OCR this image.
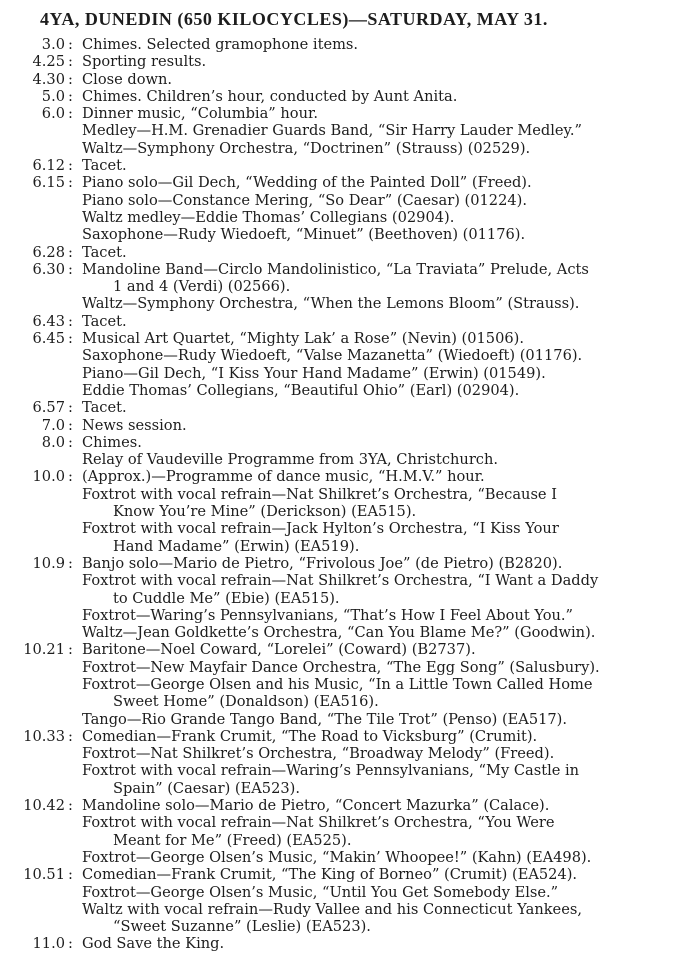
4YA, DUNEDIN (650 KILOCYCLES)—SATURDAY, MAY 31.
3.0 : Chimes. Selected gramophone items.
4.25 : Sporting results.
4.30 : Close down.
5.0 : Chimes. Children’s hour, conducted by Aunt Anita.
6.0 : Dinner music, “Columbia” hour.
Medley—H.M. Grenadier Guards Band, “Sir Harry Lauder Medley.”
Waltz—Symphony Orchestra, “Doctrinen” (Strauss) (02529).
6.12 : Tacet.
6.15 : Piano solo—Gil Dech, “Wedding of the Painted Doll” (Freed).
Piano solo—Constance Mering, “So Dear” (Caesar) (01224).
Waltz medley—Eddie Thomas’ Collegians (02904).
Saxophone—Rudy Wiedoeft, “Minuet” (Beethoven) (01176).
6.28 : Tacet.
6.30 : Mandoline Band—Circlo Mandolinistico, “La Traviata” Prelude, Acts
1 and 4 (Verdi) (02566).
Waltz—Symphony Orchestra, “When the Lemons Bloom” (Strauss).
6.43 : Tacet.
6.45 : Musical Art Quartet, “Mighty Lak’ a Rose” (Nevin) (01506).
Saxophone—Rudy Wiedoeft, “Valse Mazanetta” (Wiedoeft) (01176).
Piano—Gil Dech, “I Kiss Your Hand Madame” (Erwin) (01549).
Eddie Thomas’ Collegians, “Beautiful Ohio” (Earl) (02904).
6.57 : Tacet.
7.0 : News session.
8.0 : Chimes.
Relay of Vaudeville Programme from 3YA, Christchurch.
10.0 : (Approx.)—Programme of dance music, “H.M.V.” hour.
Foxtrot with vocal refrain—Nat Shilkret’s Orchestra, “Because I
Know You’re Mine” (Derickson) (EA515).
Foxtrot with vocal refrain—Jack Hylton’s Orchestra, “I Kiss Your
Hand Madame” (Erwin) (EA519).
10.9 : Banjo solo—Mario de Pietro, “Frivolous Joe” (de Pietro) (B2820).
Foxtrot with vocal refrain—Nat Shilkret’s Orchestra, “I Want a Daddy
to Cuddle Me” (Ebie) (EA515).
Foxtrot—Waring’s Pennsylvanians, “That’s How I Feel About You.”
Waltz—Jean Goldkette’s Orchestra, “Can You Blame Me?” (Goodwin).
10.21 : Baritone—Noel Coward, “Lorelei” (Coward) (B2737).
Foxtrot—New Mayfair Dance Orchestra, “The Egg Song” (Salusbury).
Foxtrot—George Olsen and his Music, “In a Little Town Called Home
Sweet Home” (Donaldson) (EA516).
Tango—Rio Grande Tango Band, “The Tile Trot” (Penso) (EA517).
10.33 : Comedian—Frank Crumit, “The Road to Vicksburg” (Crumit).
Foxtrot—Nat Shilkret’s Orchestra, “Broadway Melody” (Freed).
Foxtrot with vocal refrain—Waring’s Pennsylvanians, “My Castle in
Spain” (Caesar) (EA523).
10.42 : Mandoline solo—Mario de Pietro, “Concert Mazurka” (Calace).
Foxtrot with vocal refrain—Nat Shilkret’s Orchestra, “You Were
Meant for Me” (Freed) (EA525).
Foxtrot—George Olsen’s Music, “Makin’ Whoopee!” (Kahn) (EA498).
10.51 : Comedian—Frank Crumit, “The King of Borneo” (Crumit) (EA524).
Foxtrot—George Olsen’s Music, “Until You Get Somebody Else.”
Waltz with vocal refrain—Rudy Vallee and his Connecticut Yankees,
“Sweet Suzanne” (Leslie) (EA523).
11.0 : God Save the King.
